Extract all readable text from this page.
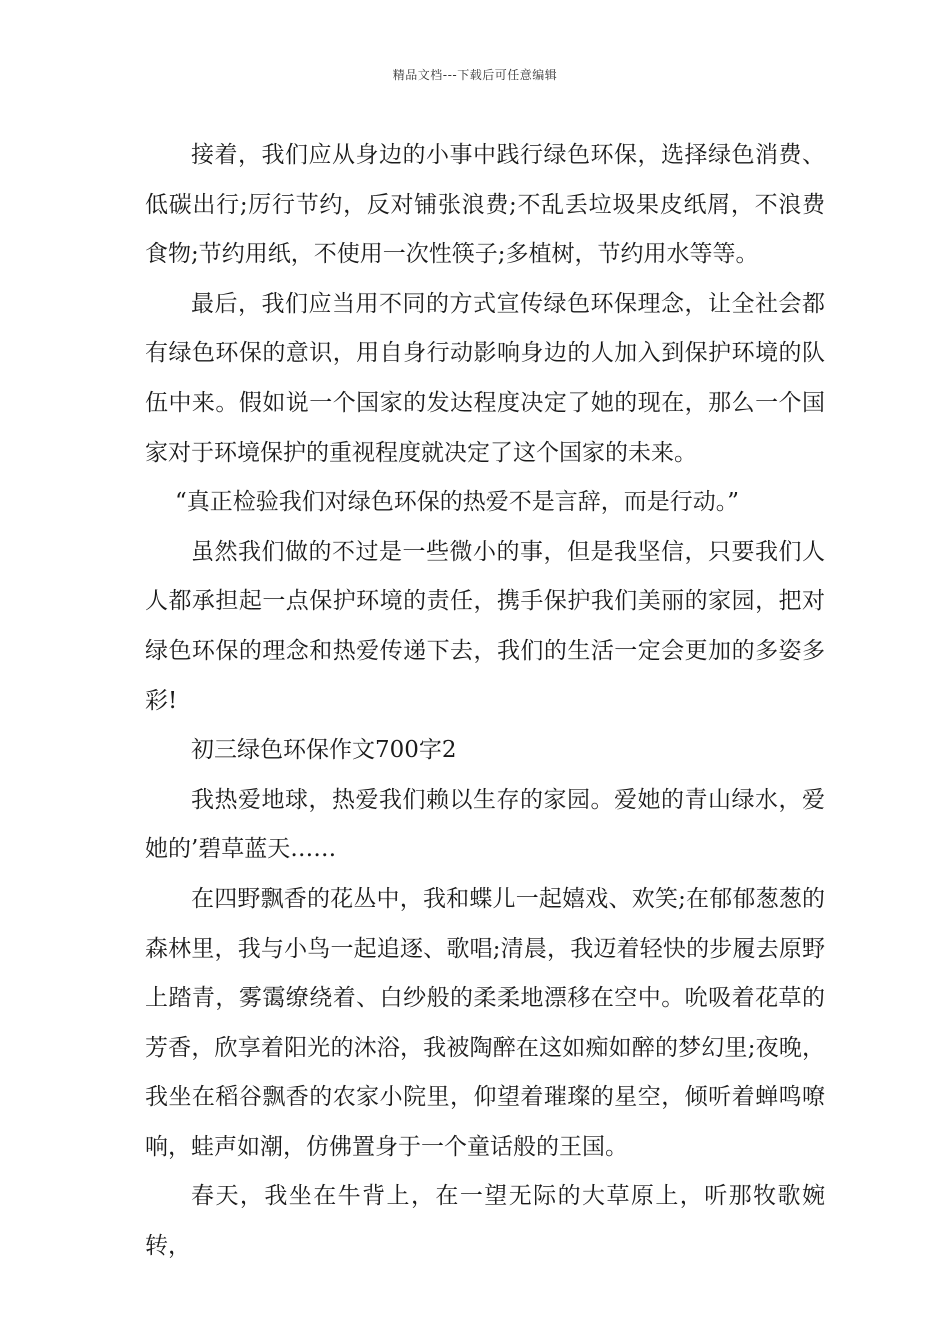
精品文档---下载后可任意编辑

接着，我们应从身边的小事中践行绿色环保，选择绿色消费、低碳出行;厉行节约，反对铺张浪费;不乱丢垃圾果皮纸屑，不浪费食物;节约用纸，不使用一次性筷子;多植树，节约用水等等。

最后，我们应当用不同的方式宣传绿色环保理念，让全社会都有绿色环保的意识，用自身行动影响身边的人加入到保护环境的队伍中来。假如说一个国家的发达程度决定了她的现在，那么一个国家对于环境保护的重视程度就决定了这个国家的未来。

“真正检验我们对绿色环保的热爱不是言辞，而是行动。”

虽然我们做的不过是一些微小的事，但是我坚信，只要我们人人都承担起一点保护环境的责任，携手保护我们美丽的家园，把对绿色环保的理念和热爱传递下去，我们的生活一定会更加的多姿多彩!

初三绿色环保作文700字2

我热爱地球，热爱我们赖以生存的家园。爱她的青山绿水，爱她的’碧草蓝天……

在四野飘香的花丛中，我和蝶儿一起嬉戏、欢笑;在郁郁葱葱的森林里，我与小鸟一起追逐、歌唱;清晨，我迈着轻快的步履去原野上踏青，雾霭缭绕着、白纱般的柔柔地漂移在空中。吮吸着花草的芳香，欣享着阳光的沐浴，我被陶醉在这如痴如醉的梦幻里;夜晚，我坐在稻谷飘香的农家小院里，仰望着璀璨的星空，倾听着蝉鸣嘹响，蛙声如潮，仿佛置身于一个童话般的王国。

春天，我坐在牛背上，在一望无际的大草原上，听那牧歌婉转，
